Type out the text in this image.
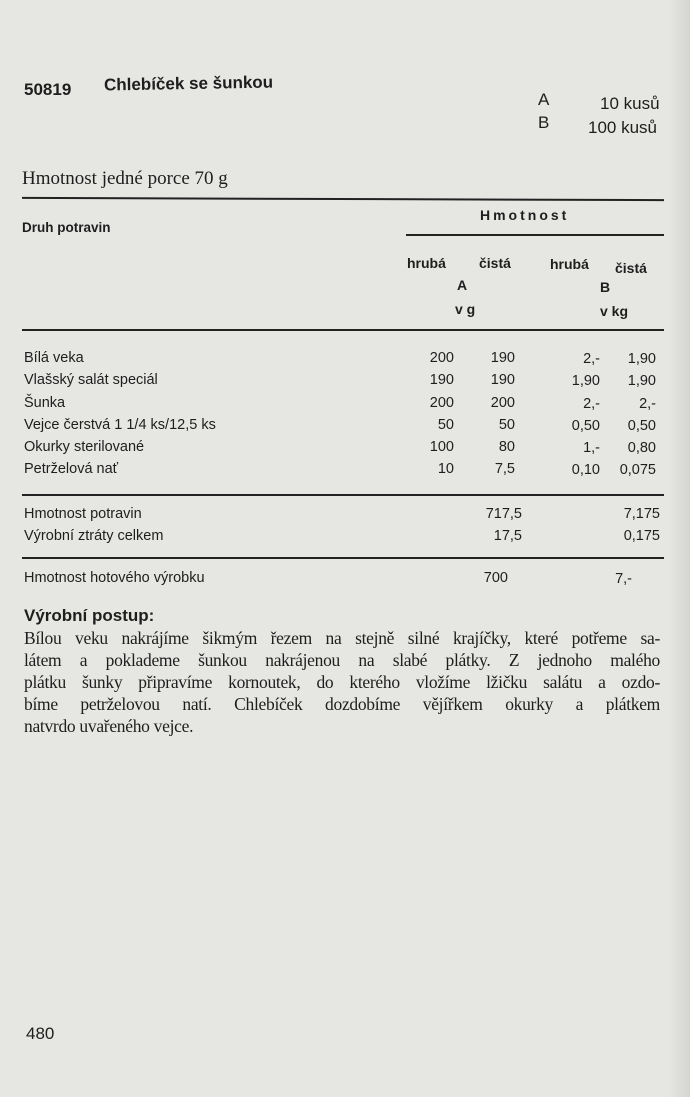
50819 Chlebíček se šunkou
A	10 kusů
B 100 kusů
Hmotnost jedné porce 70 g
Druh potravin
Hmotnost
hrubá čistá	hrubá čistá
A
v g
B
v kg
Bílá veka	200	190	2,-	1,90
Vlašský salát speciál	190	190	1,90	1,90
Šunka	200	200	2,-	2,-
Vejce čerstvá 1 1/4 ks/12,5 ks	50	50	0,50	0,50
Okurky sterilované	100	80	1,-	0,80
Petrželová nať	10	7,5	0,10	0,075
Hmotnost potravin	717,5	7,175
Výrobní ztráty celkem	17,5	0,175
Hmotnost hotového výrobku	700	7,-
Výrobní postup:
Bílou veku nakrájíme šikmým řezem na stejně silné krajíčky, které potřeme sa-
látem a poklademe šunkou nakrájenou na slabé plátky. Z jednoho malého
plátku šunky připravíme kornoutek, do kterého vložíme lžičku salátu a ozdo-
bíme petrželovou natí. Chlebíček dozdobíme vějířkem okurky a plátkem
natvrdo uvařeného vejce.
480
